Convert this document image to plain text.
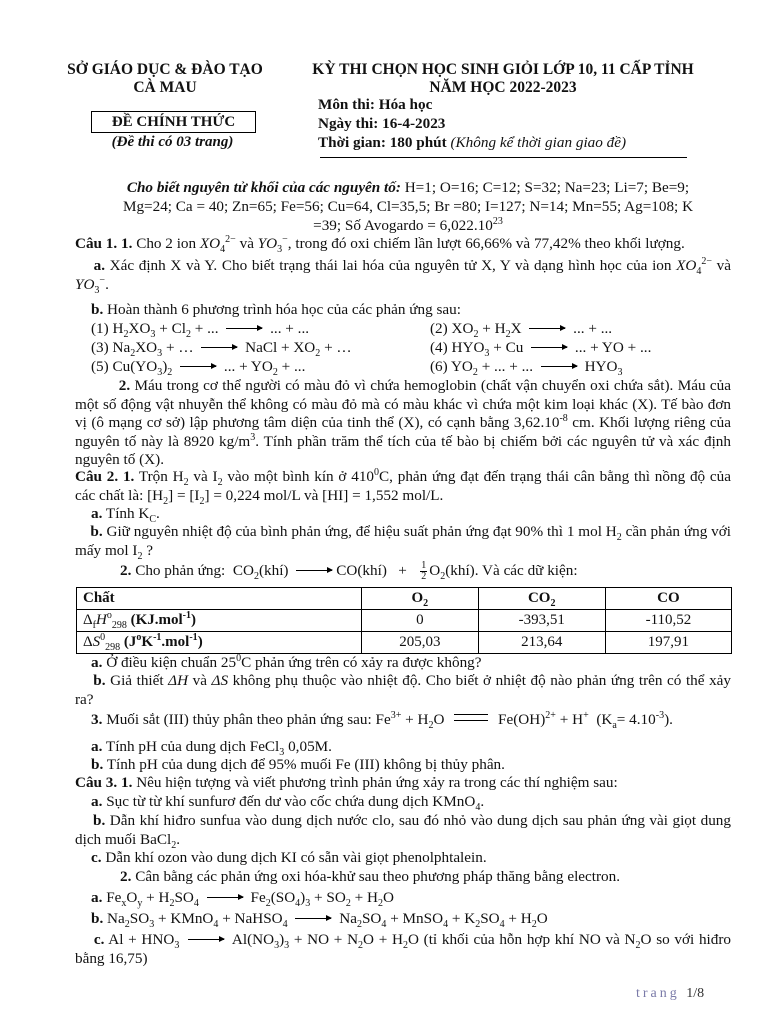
SỞ GIÁO DỤC & ĐÀO TẠO
CÀ MAU
KỲ THI CHỌN HỌC SINH GIỎI LỚP 10, 11 CẤP TỈNH
NĂM HỌC 2022-2023
ĐỀ CHÍNH THỨC
(Đề thi có 03 trang)
Môn thi: Hóa học
Ngày thi: 16-4-2023
Thời gian: 180 phút (Không kể thời gian giao đề)
Cho biết nguyên tử khối của các nguyên tố: H=1; O=16; C=12; S=32; Na=23; Li=7; Be=9;
Mg=24; Ca = 40; Zn=65; Fe=56; Cu=64, Cl=35,5; Br =80; I=127; N=14; Mn=55; Ag=108; K
=39; Số Avogardo = $6,022.10^{23}$
Câu 1. 1. Cho 2 ion $XO_4^{2-}$ và $YO_3^-$, trong đó oxi chiếm lần lượt 66,66% và 77,42% theo khối lượng.
a. Xác định X và Y. Cho biết trạng thái lai hóa của nguyên tử X, Y và dạng hình học của ion $XO_4^{2-}$ và $YO_3^-$.
b. Hoàn thành 6 phương trình hóa học của các phản ứng sau:
(1) $H_2XO_3 + Cl_2$ + ...	... + ...	(2) $XO_2 + H_2X$	... + ...
(3) $Na_2XO_3$ + …	NaCl + $XO_2$ + …	(4) $HYO_3 + Cu$	... + YO + ...
(5) $Cu(YO_3)_2$	... + $YO_2$ + ...	(6) $YO_2$ + ... + ...	$HYO_3$
2. Máu trong cơ thể người có màu đỏ vì chứa hemoglobin (chất vận chuyển oxi chứa sắt). Máu của một số động vật nhuyễn thể không có màu đỏ mà có màu khác vì chứa một kim loại khác (X). Tế bào đơn vị (ô mạng cơ sở) lập phương tâm diện của tinh thể (X), có cạnh bằng $3,62.10^{-8}$ cm. Khối lượng riêng của nguyên tố này là 8920 $kg/m^3$. Tính phần trăm thể tích của tế bào bị chiếm bởi các nguyên tử và xác định nguyên tố (X).
Câu 2. 1. Trộn $H_2$ và $I_2$ vào một bình kín ở $410^0C$, phản ứng đạt đến trạng thái cân bằng thì nồng độ của các chất là: $[H_2] = [I_2] = 0,224$ mol/L và [HI] = 1,552 mol/L.
a. Tính $K_C$.
b. Giữ nguyên nhiệt độ của bình phản ứng, để hiệu suất phản ứng đạt 90% thì 1 mol $H_2$ cần phản ứng với mấy mol $I_2$ ?
2. Cho phản ứng:  $CO_2(khí)$	CO(khí)   + $\frac{1}{2}$ $O_2(khí)$. Và các dữ kiện:
Chất	$O_2$	$CO_2$	CO
$\Delta_fH^o_{298}$ (KJ.mol$^{-1}$)	0	-393,51	-110,52
$\Delta S^0_{298}$ $(J^oK^{-1}.mol^{-1})$	205,03	213,64	197,91
a. Ở điều kiện chuẩn $25^0C$ phản ứng trên có xảy ra được không?
b. Giả thiết ΔH và ΔS không phụ thuộc vào nhiệt độ. Cho biết ở nhiệt độ nào phản ứng trên có thể xảy ra?
3. Muối sắt (III) thủy phân theo phản ứng sau: $Fe^{3+} + H_2O$	Fe(OH)$^{2+}$ + H+  $(K_a= 4.10^{-3})$.
a. Tính pH của dung dịch FeCl$_3$ 0,05M.
b. Tính pH của dung dịch để 95% muối Fe (III) không bị thủy phân.
Câu 3. 1. Nêu hiện tượng và viết phương trình phản ứng xảy ra trong các thí nghiệm sau:
a. Sục từ từ khí sunfurơ đến dư vào cốc chứa dung dịch KMnO$_4$.
b. Dẫn khí hiđro sunfua vào dung dịch nước clo, sau đó nhỏ vào dung dịch sau phản ứng vài giọt dung dịch muối BaCl$_2$.
c. Dẫn khí ozon vào dung dịch KI có sẵn vài giọt phenolphtalein.
2. Cân bằng các phản ứng oxi hóa-khử sau theo phương pháp thăng bằng electron.
a. $Fe_xO_y + H_2SO_4$	$Fe_2(SO_4)_3 + SO_2 + H_2O$
b. $Na_2SO_3$ + KMnO$_4$ + NaHSO$_4$	$Na_2SO_4$ + MnSO$_4$ + $K_2SO_4 + H_2O$
c. $Al + HNO_3$	$Al(NO_3)_3$ + NO + $N_2O + H_2O$ (tỉ khối của hỗn hợp khí NO và $N_2O$ so với hiđro bằng 16,75)
trang 1/8
